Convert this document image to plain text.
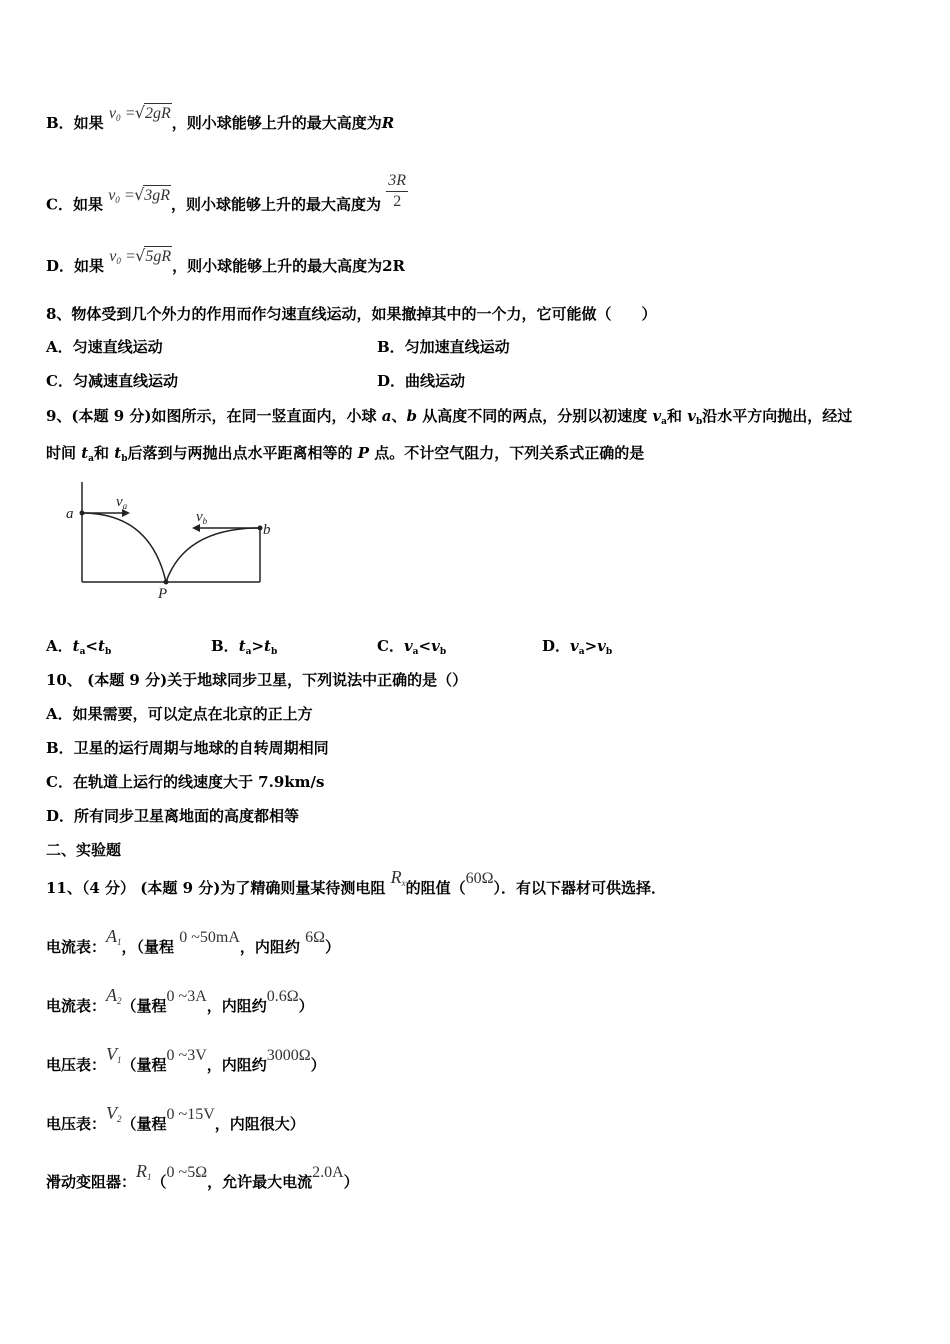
B．如果 $v_0 =√2gR$，则小球能够上升的最大高度为R
C．如果 $v_0 =√3gR$，则小球能够上升的最大高度为 $\frac{3R}{2}$
D．如果 $v_0 =√5gR$，则小球能够上升的最大高度为2R
8、物体受到几个外力的作用而作匀速直线运动，如果撤掉其中的一个力，它可能做（　　）
A．匀速直线运动	B．匀加速直线运动
C．匀减速直线运动	D．曲线运动
9、(本题 9 分)如图所示，在同一竖直面内，小球 a、b 从高度不同的两点，分别以初速度 $v_a$和 $v_b$沿水平方向抛出，经过
时间 $t_a$和 $t_b$后落到与两抛出点水平距离相等的 P 点。不计空气阻力，下列关系式正确的是
a
b
P
$v_a$
$v_b$
A．$t_a<t_b$	B．$t_a>t_b$	C．$v_a<v_b$	D．$v_a>v_b$
10、 (本题 9 分)关于地球同步卫星，下列说法中正确的是（）
A．如果需要，可以定点在北京的正上方
B．卫星的运行周期与地球的自转周期相同
C．在轨道上运行的线速度大于 7.9km/s
D．所有同步卫星离地面的高度都相等
二、实验题
11、（4 分） (本题 9 分)为了精确则量某待测电阻 $R_x$的阻值（60Ω）．有以下器材可供选择．
电流表：$A_1$，（量程 0 ~50mA，内阻约 6Ω）
电流表：$A_2$（量程0 ~3A，内阻约0.6Ω）
电压表：$V_1$（量程0 ~3V，内阻约3000Ω）
电压表：$V_2$（量程0 ~15V，内阻很大）
滑动变阻器：$R_1(0$ ~5Ω，允许最大电流2.0A）
